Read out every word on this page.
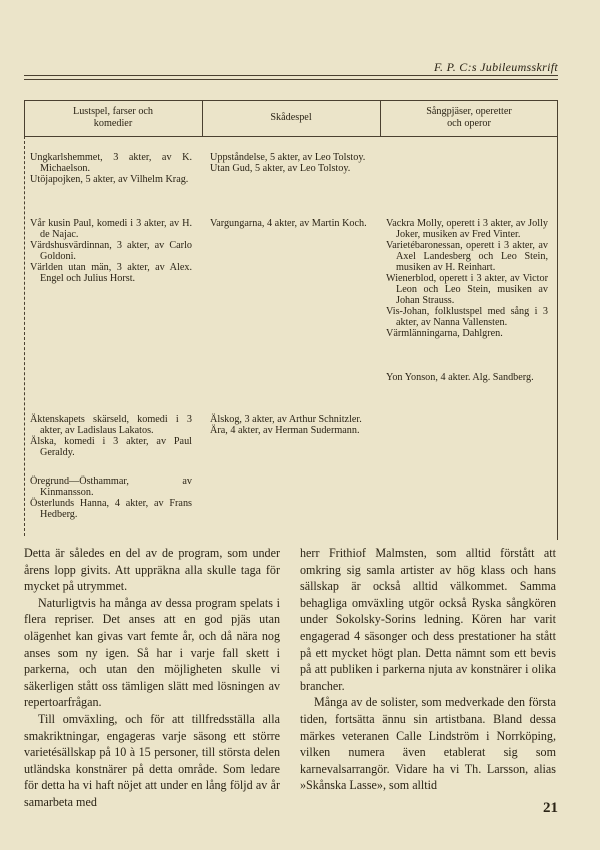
F. P. C:s Jubileumsskrift
Lustspel, farser och
komedier
Skådespel
Sångpjäser, operetter
och operor

Ungkarlshemmet, 3 akter, av K. Michaelson.

Utöjapojken, 5 akter, av Vilhelm Krag.

Uppståndelse, 5 akter, av Leo Tolstoy.

Utan Gud, 5 akter, av Leo Tolstoy.

Vår kusin Paul, komedi i 3 akter, av H. de Najac.

Värdshusvärdinnan, 3 akter, av Carlo Goldoni.

Världen utan män, 3 akter, av Alex. Engel och Julius Horst.

Vargungarna, 4 akter, av Martin Koch.	Vackra Molly, operett i 3 akter, av Jolly Joker, musiken av Fred Vinter.

Varietébaronessan, operett i 3 akter, av Axel Landesberg och Leo Stein, musiken av H. Reinhart.

Wienerblod, operett i 3 akter, av Victor Leon och Leo Stein, musiken av Johan Strauss.

Vis-Johan, folklustspel med sång i 3 akter, av Nanna Vallensten.

Värmlänningarna, Dahlgren.

Yon Yonson, 4 akter. Alg. Sandberg.

Äktenskapets skärseld, komedi i 3 akter, av Ladislaus Lakatos.

Älska, komedi i 3 akter, av Paul Geraldy.

Älskog, 3 akter, av Arthur Schnitzler.

Ära, 4 akter, av Herman Sudermann.

Öregrund—Östhammar, av Kinmansson.

Österlunds Hanna, 4 akter, av Frans Hedberg.

Detta är således en del av de program, som under årens lopp givits. Att uppräkna alla skulle taga för mycket på utrymmet.

Naturligtvis ha många av dessa program spelats i flera repriser. Det anses att en god pjäs utan olägenhet kan givas vart femte år, och då nära nog anses som ny igen. Så har i varje fall skett i parkerna, och utan den möjligheten skulle vi säkerligen stått oss tämligen slätt med lösningen av repertoarfrågan.

Till omväxling, och för att tillfredsställa alla smakriktningar, engageras varje säsong ett större varietésällskap på 10 à 15 personer, till största delen utländska konstnärer på detta område. Som ledare för detta ha vi haft nöjet att under en lång följd av år samarbeta med

herr Frithiof Malmsten, som alltid förstått att omkring sig samla artister av hög klass och hans sällskap är också alltid välkommet. Samma behagliga omväxling utgör också Ryska sångkören under Sokolsky-Sorins ledning. Kören har varit engagerad 4 säsonger och dess prestationer ha stått på ett mycket högt plan. Detta nämnt som ett bevis på att publiken i parkerna njuta av konstnärer i olika brancher.

Många av de solister, som medverkade den första tiden, fortsätta ännu sin artistbana. Bland dessa märkes veteranen Calle Lindström i Norrköping, vilken numera även etablerat sig som karnevalsarrangör. Vidare ha vi Th. Larsson, alias »Skånska Lasse», som alltid

21
